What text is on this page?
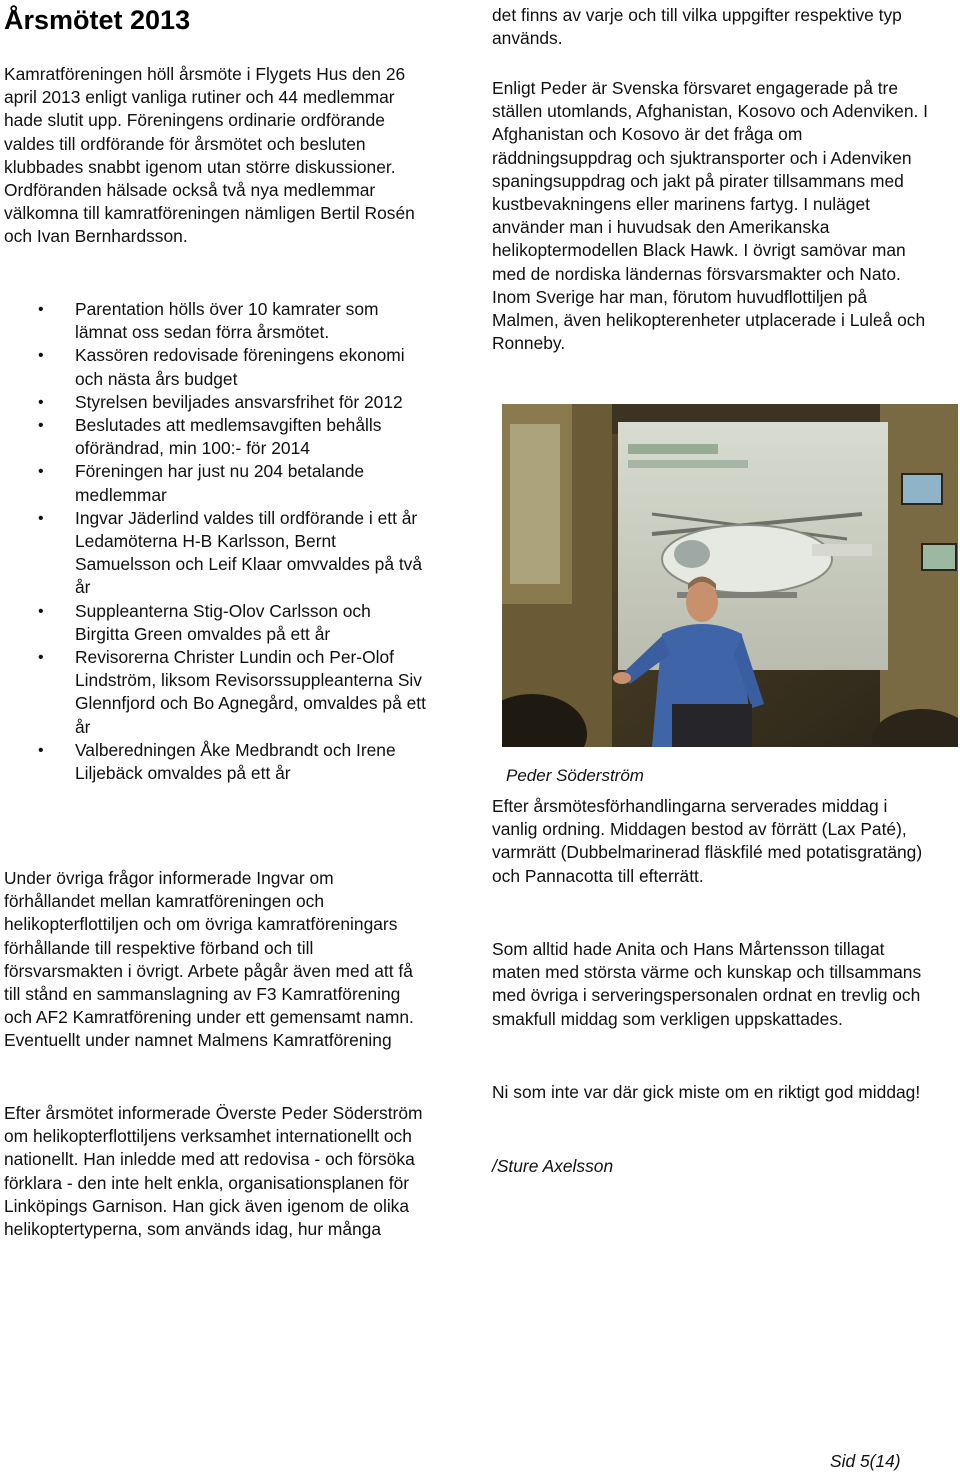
Årsmötet 2013

Kamratföreningen höll årsmöte i Flygets Hus den 26 april 2013 enligt vanliga rutiner och 44 medlemmar hade slutit upp. Föreningens ordinarie ordförande valdes till ordförande för årsmötet och besluten klubbades snabbt igenom utan större diskussioner. Ordföranden hälsade också två nya medlemmar välkomna till kamratföreningen nämligen Bertil Rosén och Ivan Bernhardsson.

• Parentation hölls över 10 kamrater som lämnat oss sedan förra årsmötet.
• Kassören redovisade föreningens ekonomi och nästa års budget
• Styrelsen beviljades ansvarsfrihet för 2012
• Beslutades att medlemsavgiften behålls oförändrad, min 100:- för 2014
• Föreningen har just nu 204 betalande medlemmar
• Ingvar Jäderlind valdes till ordförande i ett år
Ledamöterna H-B Karlsson, Bernt Samuelsson och Leif Klaar omvvaldes på två år
• Suppleanterna Stig-Olov Carlsson och Birgitta Green omvaldes på ett år
• Revisorerna Christer Lundin och Per-Olof Lindström, liksom Revisorssuppleanterna Siv Glennfjord och Bo Agnegård, omvaldes på ett år
• Valberedningen Åke Medbrandt och Irene Liljebäck omvaldes på ett år

Under övriga frågor informerade Ingvar om förhållandet mellan kamratföreningen och helikopterflottiljen och om övriga kamratföreningars förhållande till respektive förband och till försvarsmakten i övrigt. Arbete pågår även med att få till stånd en sammanslagning av F3 Kamratförening och AF2 Kamratförening under ett gemensamt namn. Eventuellt under namnet Malmens Kamratförening

Efter årsmötet informerade Överste Peder Söderström om helikopterflottiljens verksamhet internationellt och nationellt. Han inledde med att redovisa - och försöka förklara - den inte helt enkla, organisationsplanen för Linköpings Garnison. Han gick även igenom de olika helikoptertyperna, som används idag, hur många

det finns av varje och till vilka uppgifter respektive typ används.

Enligt Peder är Svenska försvaret engagerade på tre ställen utomlands, Afghanistan, Kosovo och Adenviken. I Afghanistan och Kosovo är det fråga om räddningsuppdrag och sjuktransporter och i Adenviken spaningsuppdrag och jakt på pirater tillsammans med kustbevakningens eller marinens fartyg. I nuläget använder man i huvudsak den Amerikanska helikoptermodellen Black Hawk. I övrigt samövar man med de nordiska ländernas försvarsmakter och Nato. Inom Sverige har man, förutom huvudflottiljen på Malmen, även helikopterenheter utplacerade i Luleå och Ronneby.

Peder Söderström

Efter årsmötesförhandlingarna serverades middag i vanlig ordning. Middagen bestod av förrätt (Lax Paté), varmrätt (Dubbelmarinerad fläskfilé med potatisgratäng) och Pannacotta till efterrätt.

Som alltid hade Anita och Hans Mårtensson tillagat maten med största värme och kunskap och tillsammans med övriga i serveringspersonalen ordnat en trevlig och smakfull middag som verkligen uppskattades.

Ni som inte var där gick miste om en riktigt god middag!

/Sture Axelsson
Sid 5(14)
